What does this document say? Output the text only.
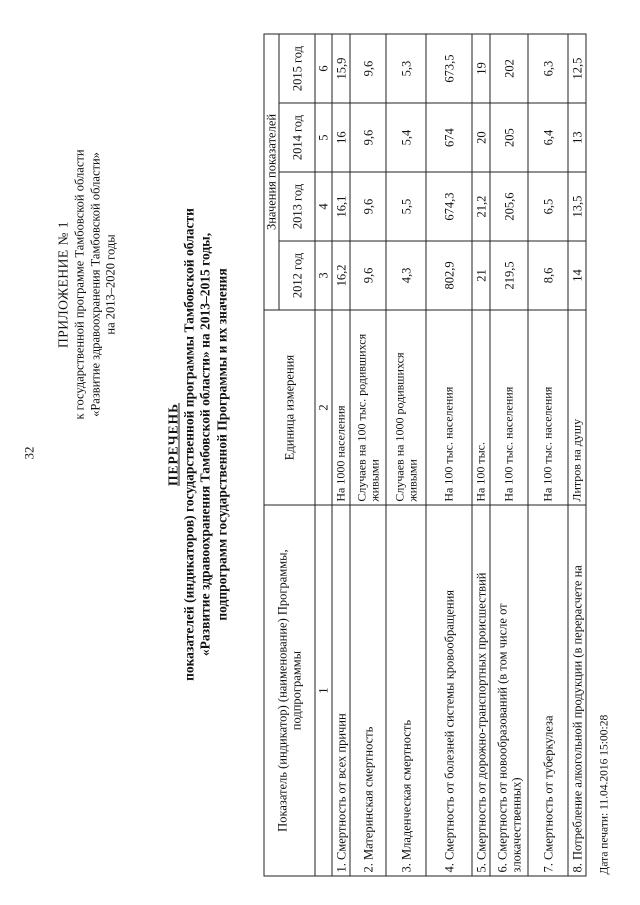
32
ПРИЛОЖЕНИЕ № 1 к государственной программе Тамбовской области «Развитие здравоохранения Тамбовской области» на 2013–2020 годы
ПЕРЕЧЕНЬ показателей (индикаторов) государственной программы Тамбовской области «Развитие здравоохранения Тамбовской области» на 2013–2015 годы, подпрограмм государственной Программы и их значения
Показатель (индикатор) (наименование) Программы, подпрограммы	Единица измерения	Значения показателей			
		2012 год	2013 год	2014 год	2015 год
1	2	3	4	5	6
1. Смертность от всех причин	На 1000 населения	16,2	16,1	16	15,9
2. Материнская смертность	Случаев на 100 тыс. родившихся живыми	9,6	9,6	9,6	9,6
3. Младенческая смертность	Случаев на 1000 родившихся живыми	4,3	5,5	5,4	5,3
4. Смертность от болезней системы кровообращения	На 100 тыс. населения	802,9	674,3	674	673,5
5. Смертность от дорожно-транспортных происшествий	На 100 тыс.	21	21,2	20	19
6. Смертность от новообразований (в том числе от злокачественных)	На 100 тыс. населения	219,5	205,6	205	202
7. Смертность от туберкулеза	На 100 тыс. населения	8,6	6,5	6,4	6,3
8. Потребление алкогольной продукции (в перерасчете на	Литров на душу	14	13,5	13	12,5
Дата печати: 11.04.2016 15:00:28
